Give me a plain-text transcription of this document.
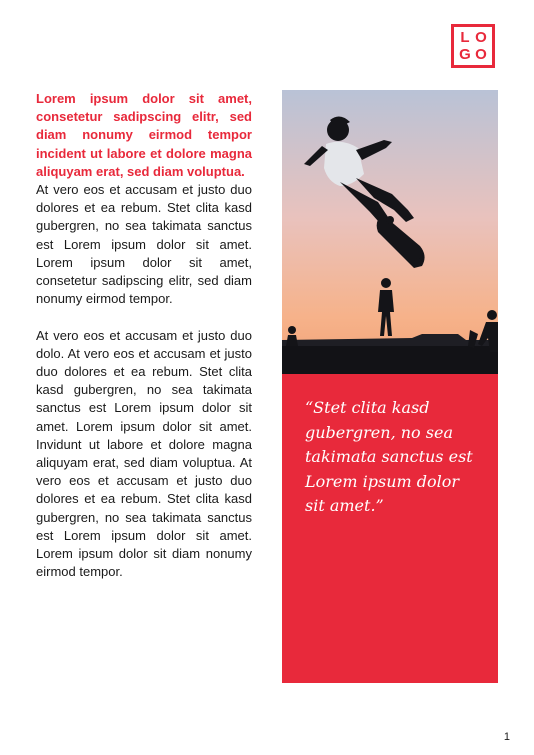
L O
G O

Lorem ipsum dolor sit amet, consetetur sadipscing elitr, sed diam nonumy eirmod tempor incident ut labore et dolore magna aliquyam erat, sed diam voluptua.

At vero eos et accusam et justo duo dolores et ea rebum. Stet clita kasd gubergren, no sea takimata sanctus est Lorem ipsum dolor sit amet. Lorem ipsum dolor sit amet, consetetur sadipscing elitr, sed diam nonumy eirmod tempor.

At vero eos et accusam et justo duo dolo. At vero eos et accusam et justo duo dolores et ea rebum. Stet clita kasd gubergren, no sea takimata sanctus est Lorem ipsum dolor sit amet. Lorem ipsum dolor sit amet. Invidunt ut labore et dolore magna aliquyam erat, sed diam voluptua. At vero eos et accusam et justo duo dolores et ea rebum. Stet clita kasd gubergren, no sea takimata sanctus est Lorem ipsum dolor sit amet. Lorem ipsum dolor sit diam nonumy eirmod tempor.

“Stet clita kasd gubergren, no sea takimata sanctus est Lorem ipsum dolor sit amet.”

1
